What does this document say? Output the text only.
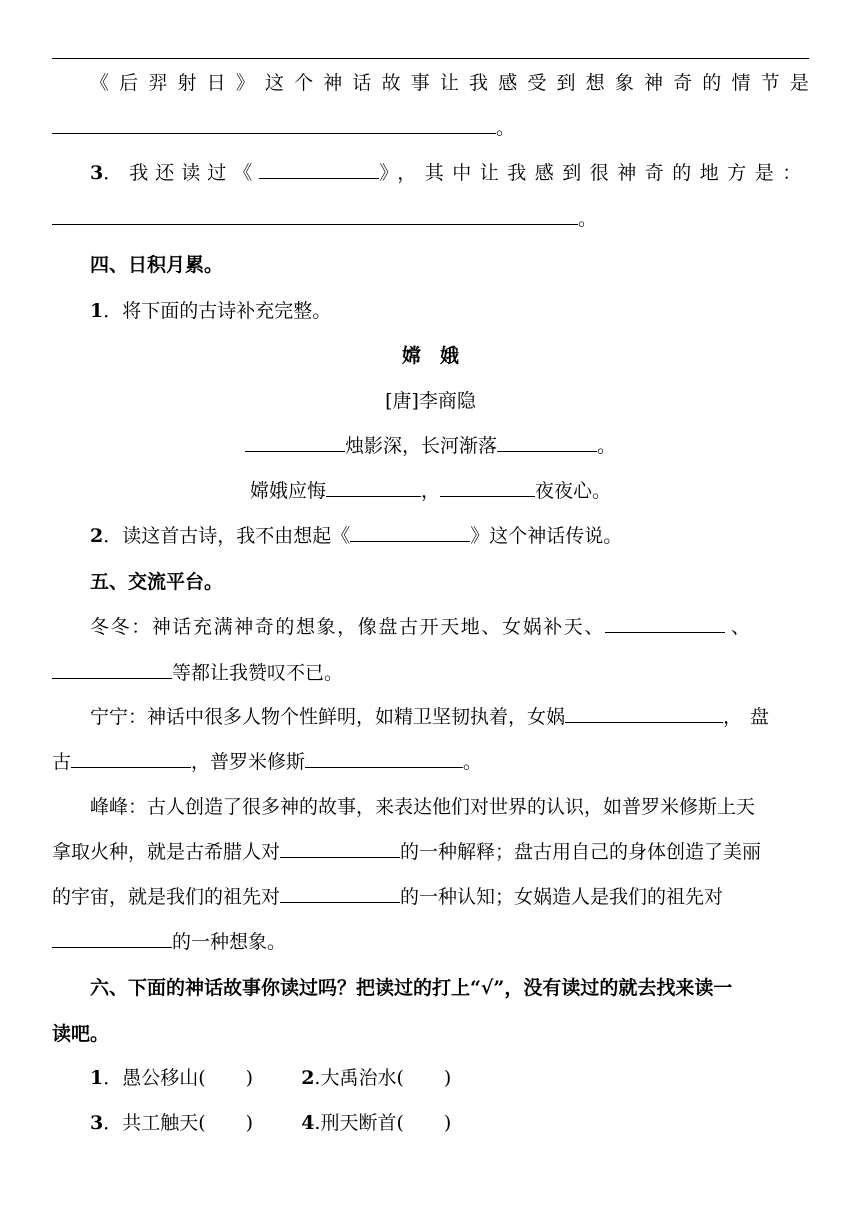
《 后 羿 射 日 》 这 个 神 话 故 事 让 我 感 受 到 想 象 神 奇 的 情 节 是
。
3．我还读过《	》，其中让我感到很神奇的地方是：
。
四、日积月累。
1．将下面的古诗补充完整。
嫦　娥
[唐]李商隐
烛影深，长河渐落	。
嫦娥应悔	，	夜夜心。
2．读这首古诗，我不由想起《	》这个神话传说。
五、交流平台。
冬冬：神话充满神奇的想象，像盘古开天地、女娲补天、	、
等都让我赞叹不已。
宁宁：神话中很多人物个性鲜明，如精卫坚韧执着，女娲	，盘
古	，普罗米修斯	。
峰峰：古人创造了很多神的故事，来表达他们对世界的认识，如普罗米修斯上天
拿取火种，就是古希腊人对	的一种解释；盘古用自己的身体创造了美丽
的宇宙，就是我们的祖先对	的一种认知；女娲造人是我们的祖先对
的一种想象。
六、下面的神话故事你读过吗？把读过的打上“√”，没有读过的就去找来读一
读吧。
1．愚公移山( )	2.大禹治水( )
3．共工触天( )	4.刑天断首( )
